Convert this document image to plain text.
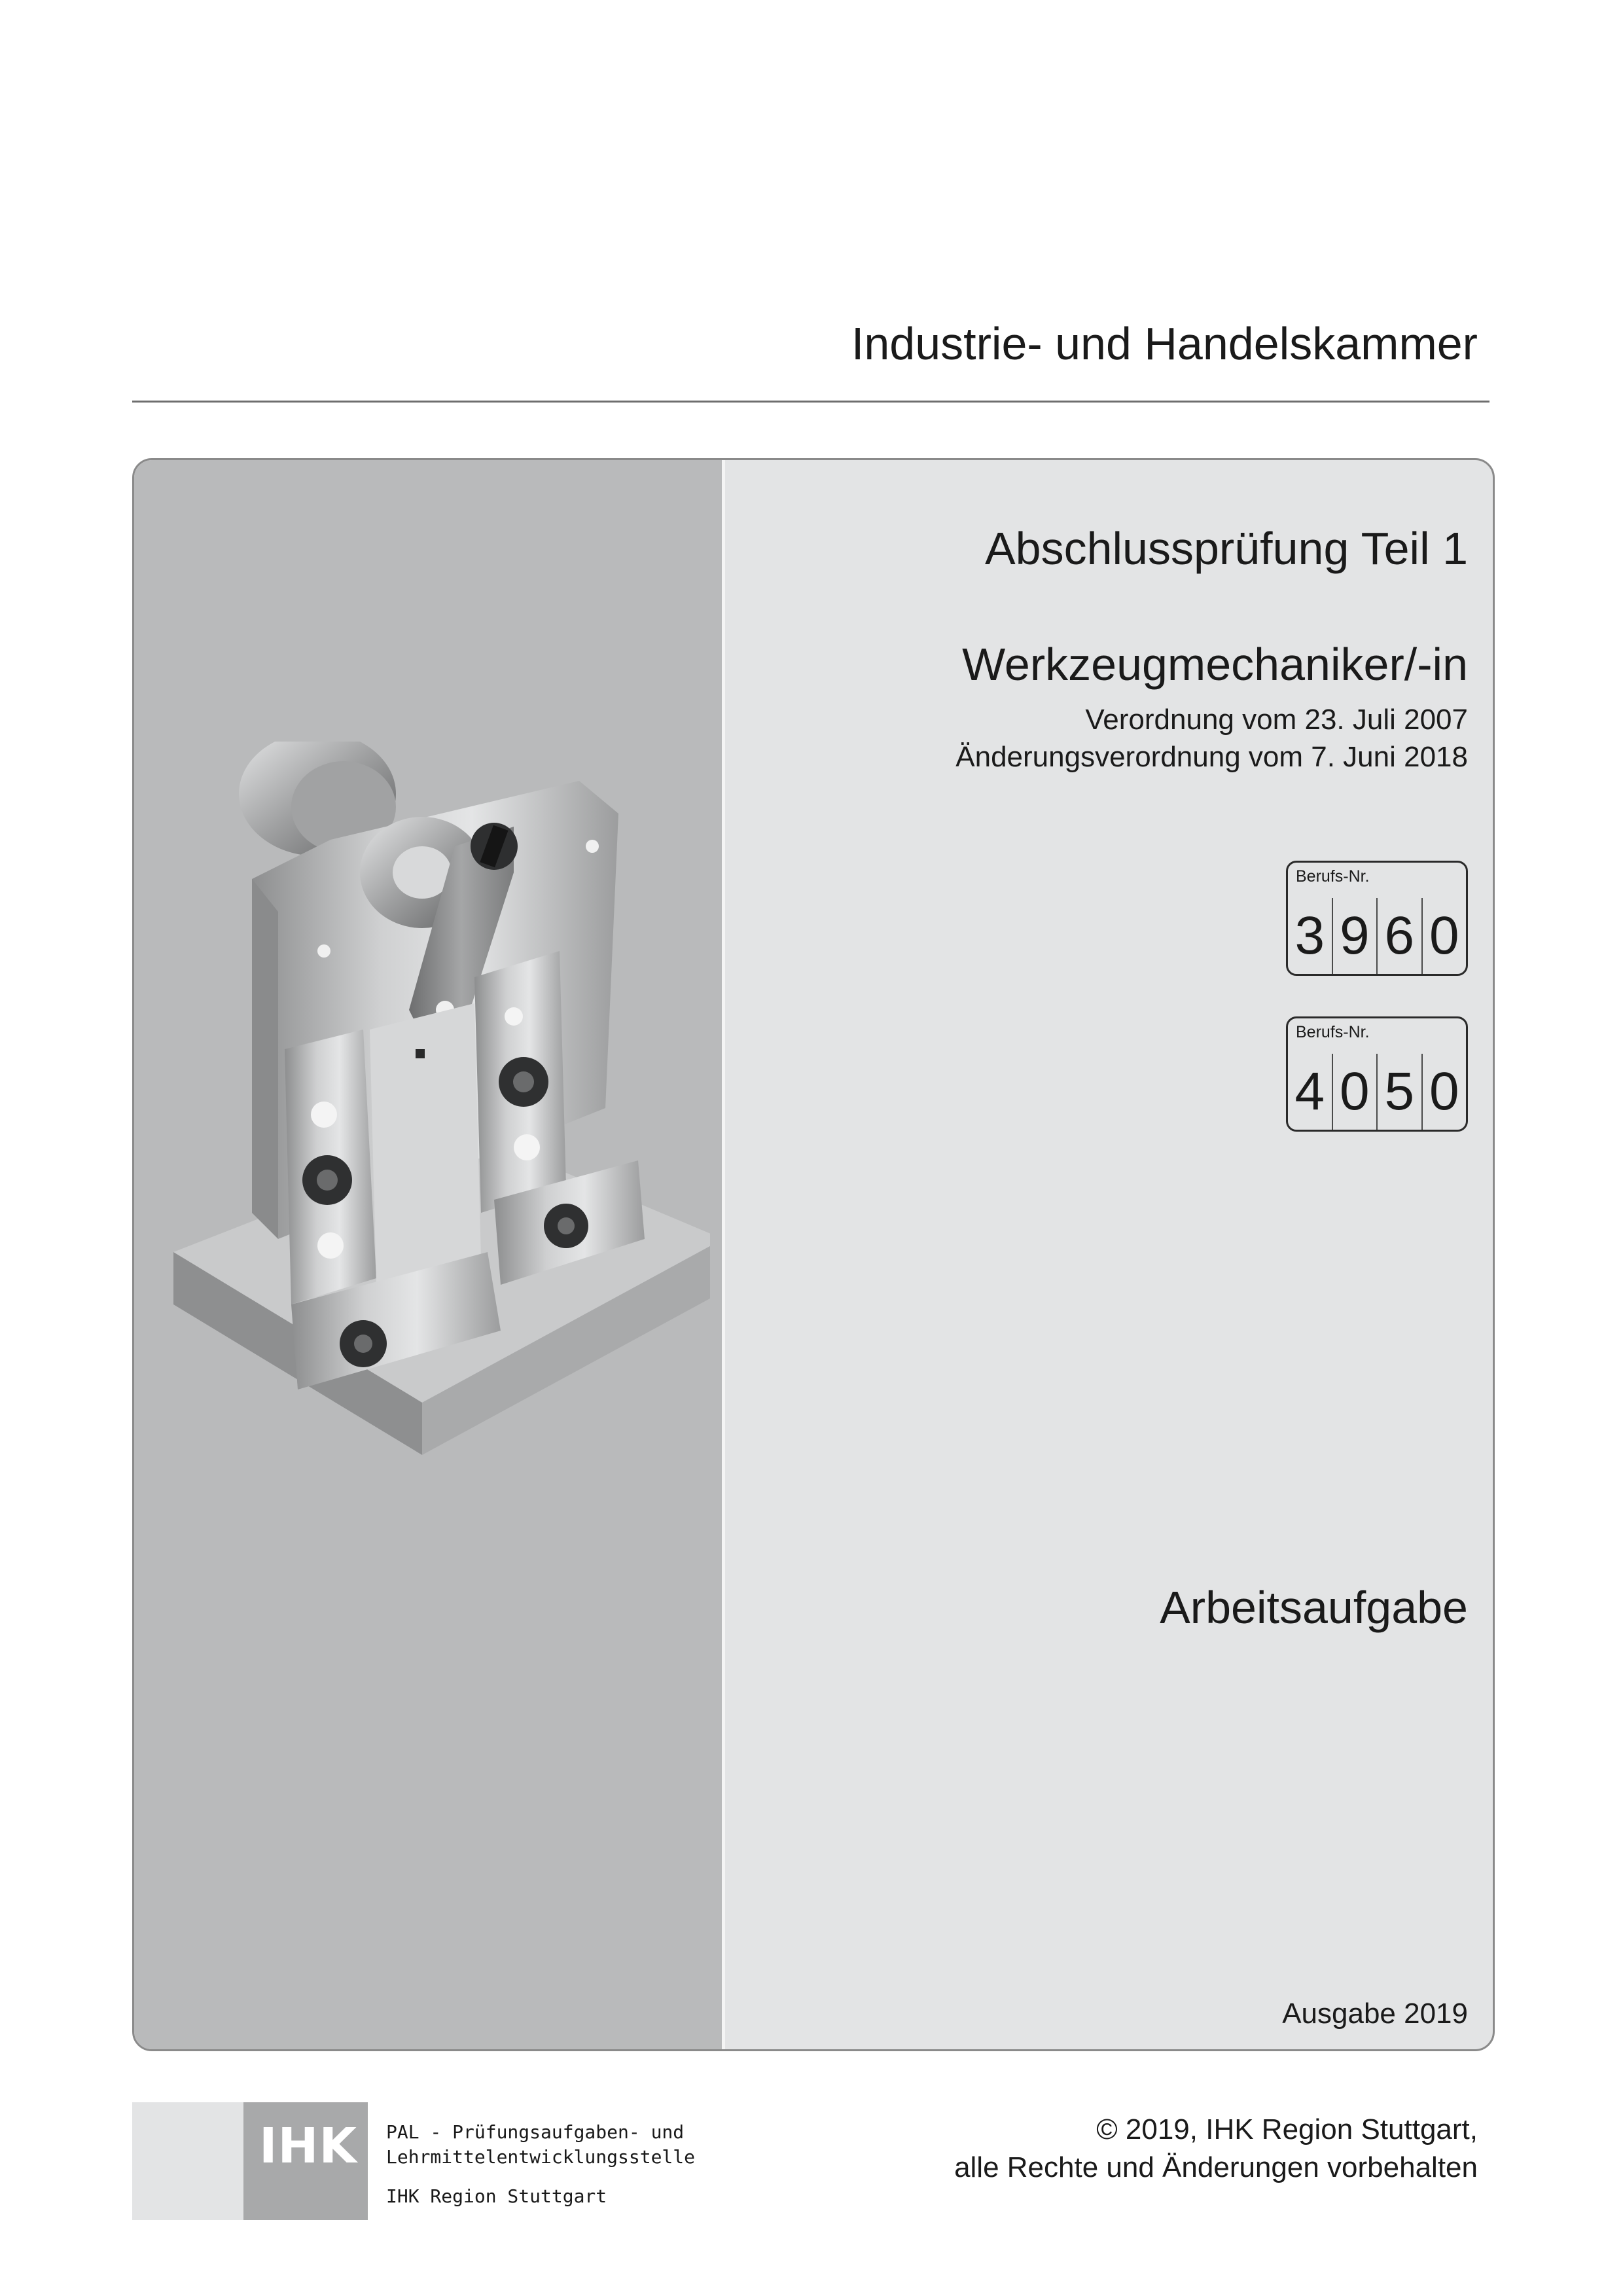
Industrie- und Handelskammer
Abschlussprüfung Teil 1
Werkzeugmechaniker/-in
Verordnung vom 23. Juli 2007
Änderungsverordnung vom 7. Juni 2018
Berufs-Nr.
3 9 6 0
Berufs-Nr.
4 0 5 0
Arbeitsaufgabe
Ausgabe 2019
IHK PAL - Prüfungsaufgaben- und
Lehrmittelentwicklungsstelle
IHK Region Stuttgart
© 2019, IHK Region Stuttgart,
alle Rechte und Änderungen vorbehalten
